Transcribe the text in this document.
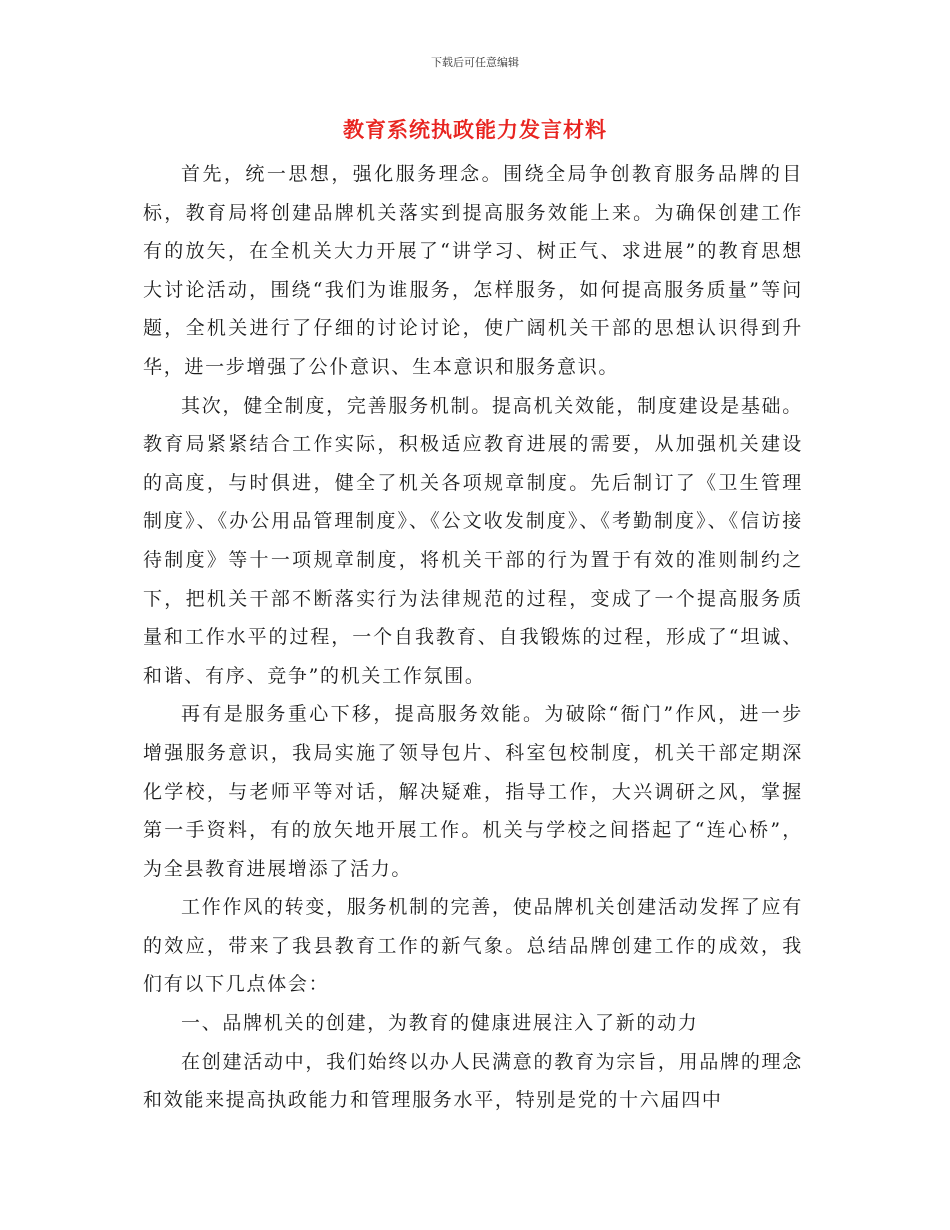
下载后可任意编辑
教育系统执政能力发言材料

首先，统一思想，强化服务理念。围绕全局争创教育服务品牌的目标，教育局将创建品牌机关落实到提高服务效能上来。为确保创建工作有的放矢，在全机关大力开展了“讲学习、树正气、求进展”的教育思想大讨论活动，围绕“我们为谁服务，怎样服务，如何提高服务质量”等问题，全机关进行了仔细的讨论讨论，使广阔机关干部的思想认识得到升华，进一步增强了公仆意识、生本意识和服务意识。

其次，健全制度，完善服务机制。提高机关效能，制度建设是基础。教育局紧紧结合工作实际，积极适应教育进展的需要，从加强机关建设的高度，与时俱进，健全了机关各项规章制度。先后制订了《卫生管理制度》、《办公用品管理制度》、《公文收发制度》、《考勤制度》、《信访接待制度》等十一项规章制度，将机关干部的行为置于有效的准则制约之下，把机关干部不断落实行为法律规范的过程，变成了一个提高服务质量和工作水平的过程，一个自我教育、自我锻炼的过程，形成了“坦诚、和谐、有序、竞争”的机关工作氛围。

再有是服务重心下移，提高服务效能。为破除“衙门”作风，进一步增强服务意识，我局实施了领导包片、科室包校制度，机关干部定期深化学校，与老师平等对话，解决疑难，指导工作，大兴调研之风，掌握第一手资料，有的放矢地开展工作。机关与学校之间搭起了“连心桥”，为全县教育进展增添了活力。

工作作风的转变，服务机制的完善，使品牌机关创建活动发挥了应有的效应，带来了我县教育工作的新气象。总结品牌创建工作的成效，我们有以下几点体会：

一、品牌机关的创建，为教育的健康进展注入了新的动力

在创建活动中，我们始终以办人民满意的教育为宗旨，用品牌的理念和效能来提高执政能力和管理服务水平，特别是党的十六届四中
